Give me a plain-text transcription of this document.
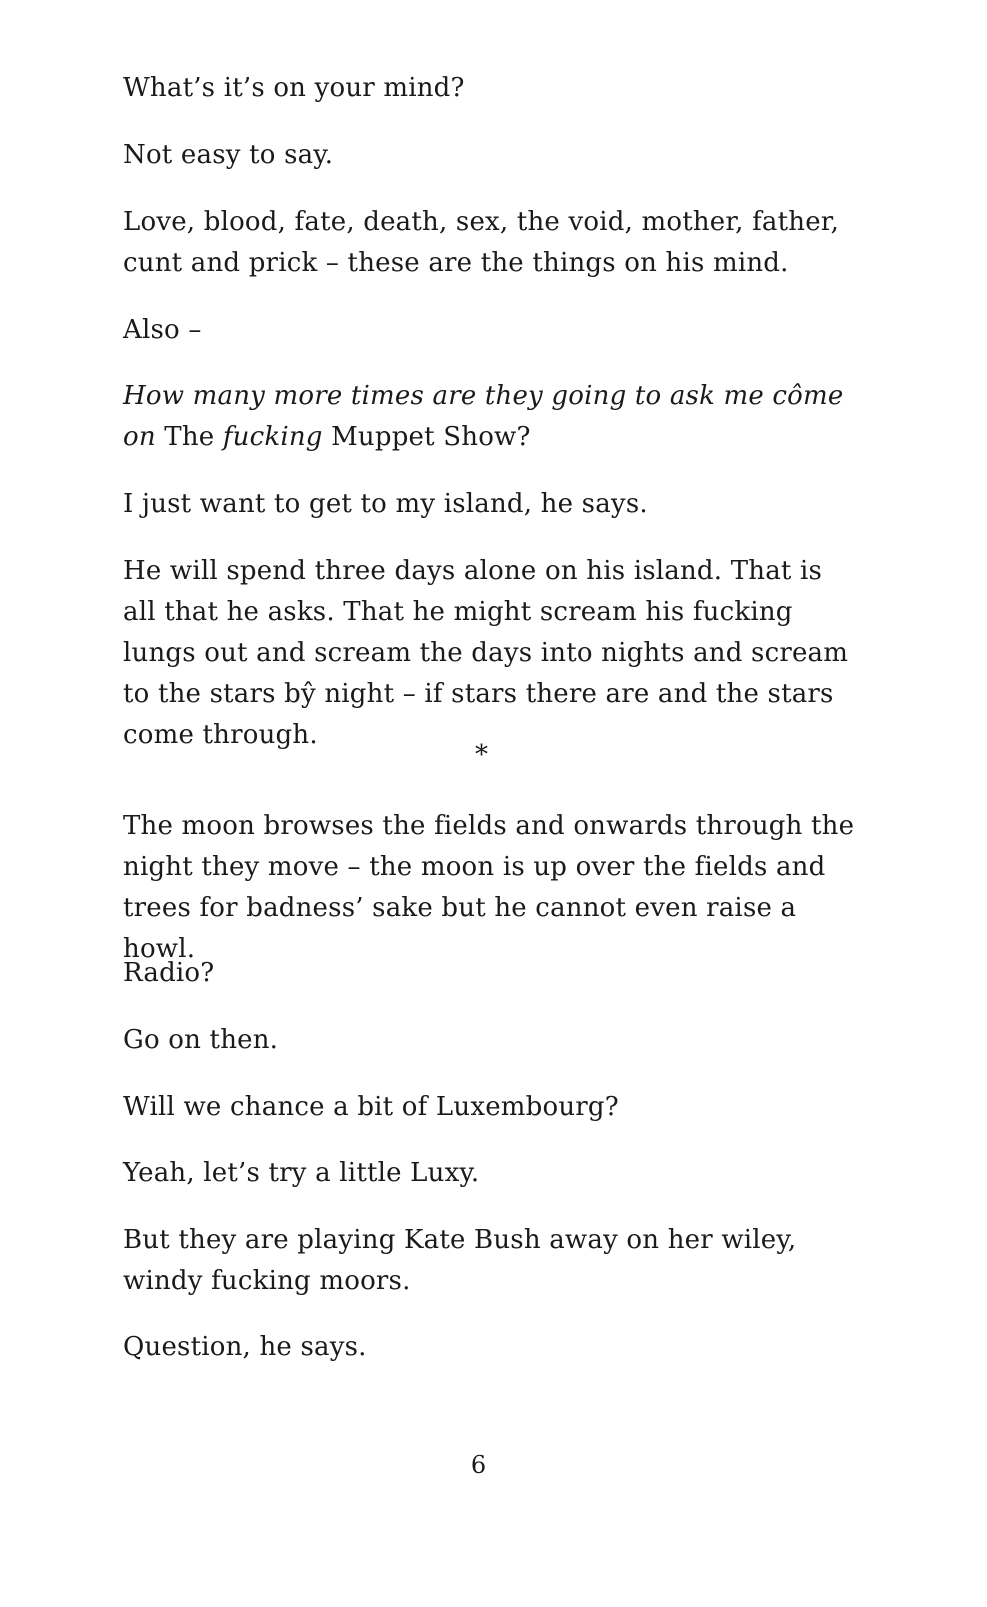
What’s it’s on your mind?

Not easy to say.

Love, blood, fate, death, sex, the void, mother, father, cunt and prick – these are the things on his mind.

Also –

How many more times are they going to ask me côme on The fucking Muppet Show?

I just want to get to my island, he says.

He will spend three days alone on his island. That is all that he asks. That he might scream his fucking lungs out and scream the days into nights and scream to the stars bŷ night – if stars there are and the stars come through.

*

The moon browses the fields and onwards through the night they move – the moon is up over the fields and trees for badness’ sake but he cannot even raise a howl.

Radio?

Go on then.

Will we chance a bit of Luxembourg?

Yeah, let’s try a little Luxy.

But they are playing Kate Bush away on her wiley, windy fucking moors.

Question, he says.

6
